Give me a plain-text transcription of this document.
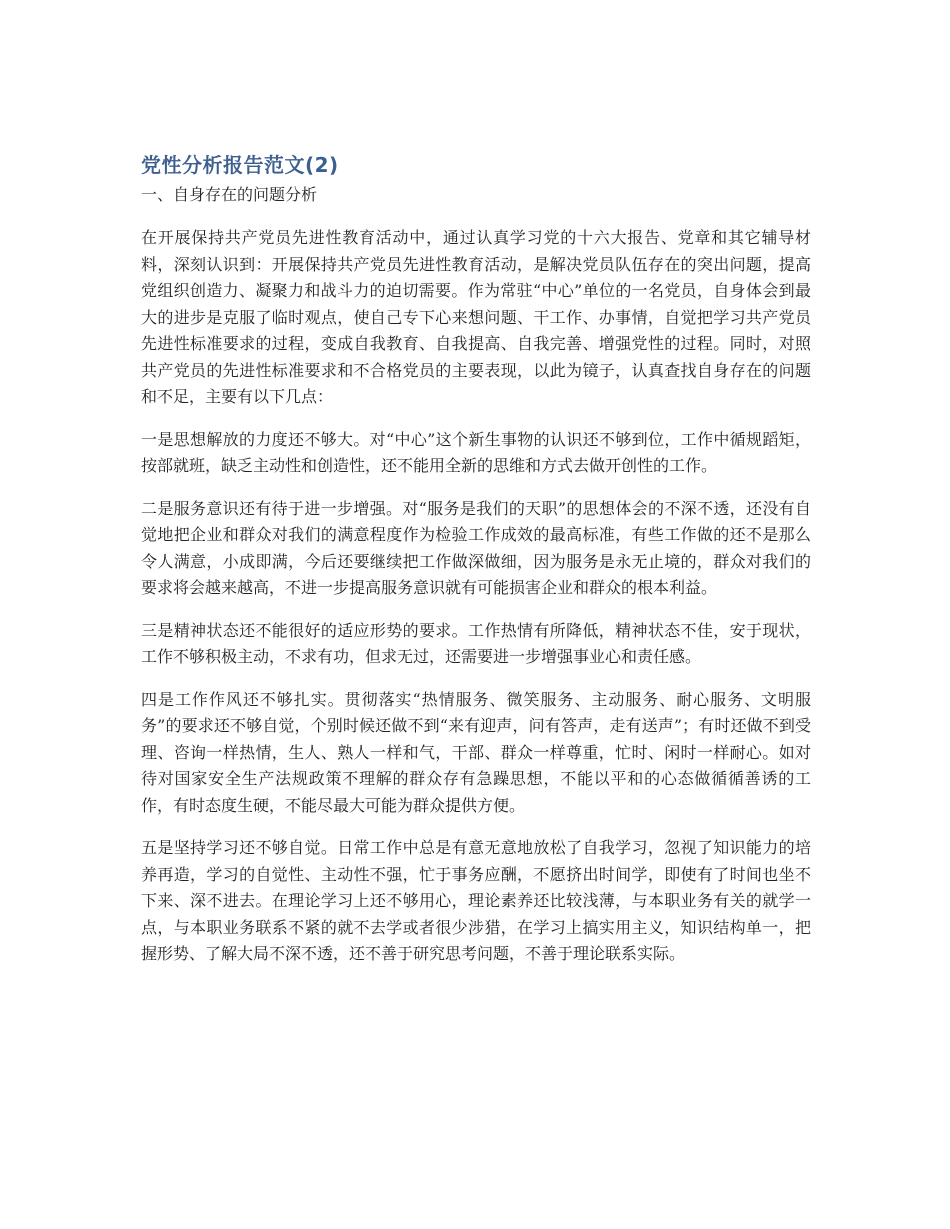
党性分析报告范文(2)
一、自身存在的问题分析

在开展保持共产党员先进性教育活动中，通过认真学习党的十六大报告、党章和其它辅导材料，深刻认识到：开展保持共产党员先进性教育活动，是解决党员队伍存在的突出问题，提高党组织创造力、凝聚力和战斗力的迫切需要。作为常驻“中心”单位的一名党员，自身体会到最大的进步是克服了临时观点，使自己专下心来想问题、干工作、办事情，自觉把学习共产党员先进性标准要求的过程，变成自我教育、自我提高、自我完善、增强党性的过程。同时，对照共产党员的先进性标准要求和不合格党员的主要表现，以此为镜子，认真查找自身存在的问题和不足，主要有以下几点：

一是思想解放的力度还不够大。对“中心”这个新生事物的认识还不够到位，工作中循规蹈矩，按部就班，缺乏主动性和创造性，还不能用全新的思维和方式去做开创性的工作。

二是服务意识还有待于进一步增强。对“服务是我们的天职”的思想体会的不深不透，还没有自觉地把企业和群众对我们的满意程度作为检验工作成效的最高标准，有些工作做的还不是那么令人满意，小成即满，今后还要继续把工作做深做细，因为服务是永无止境的，群众对我们的要求将会越来越高，不进一步提高服务意识就有可能损害企业和群众的根本利益。

三是精神状态还不能很好的适应形势的要求。工作热情有所降低，精神状态不佳，安于现状，工作不够积极主动，不求有功，但求无过，还需要进一步增强事业心和责任感。

四是工作作风还不够扎实。贯彻落实“热情服务、微笑服务、主动服务、耐心服务、文明服务”的要求还不够自觉，个别时候还做不到“来有迎声，问有答声，走有送声”；有时还做不到受理、咨询一样热情，生人、熟人一样和气，干部、群众一样尊重，忙时、闲时一样耐心。如对待对国家安全生产法规政策不理解的群众存有急躁思想，不能以平和的心态做循循善诱的工作，有时态度生硬，不能尽最大可能为群众提供方便。

五是坚持学习还不够自觉。日常工作中总是有意无意地放松了自我学习，忽视了知识能力的培养再造，学习的自觉性、主动性不强，忙于事务应酬，不愿挤出时间学，即使有了时间也坐不下来、深不进去。在理论学习上还不够用心，理论素养还比较浅薄，与本职业务有关的就学一点，与本职业务联系不紧的就不去学或者很少涉猎，在学习上搞实用主义，知识结构单一，把握形势、了解大局不深不透，还不善于研究思考问题，不善于理论联系实际。
